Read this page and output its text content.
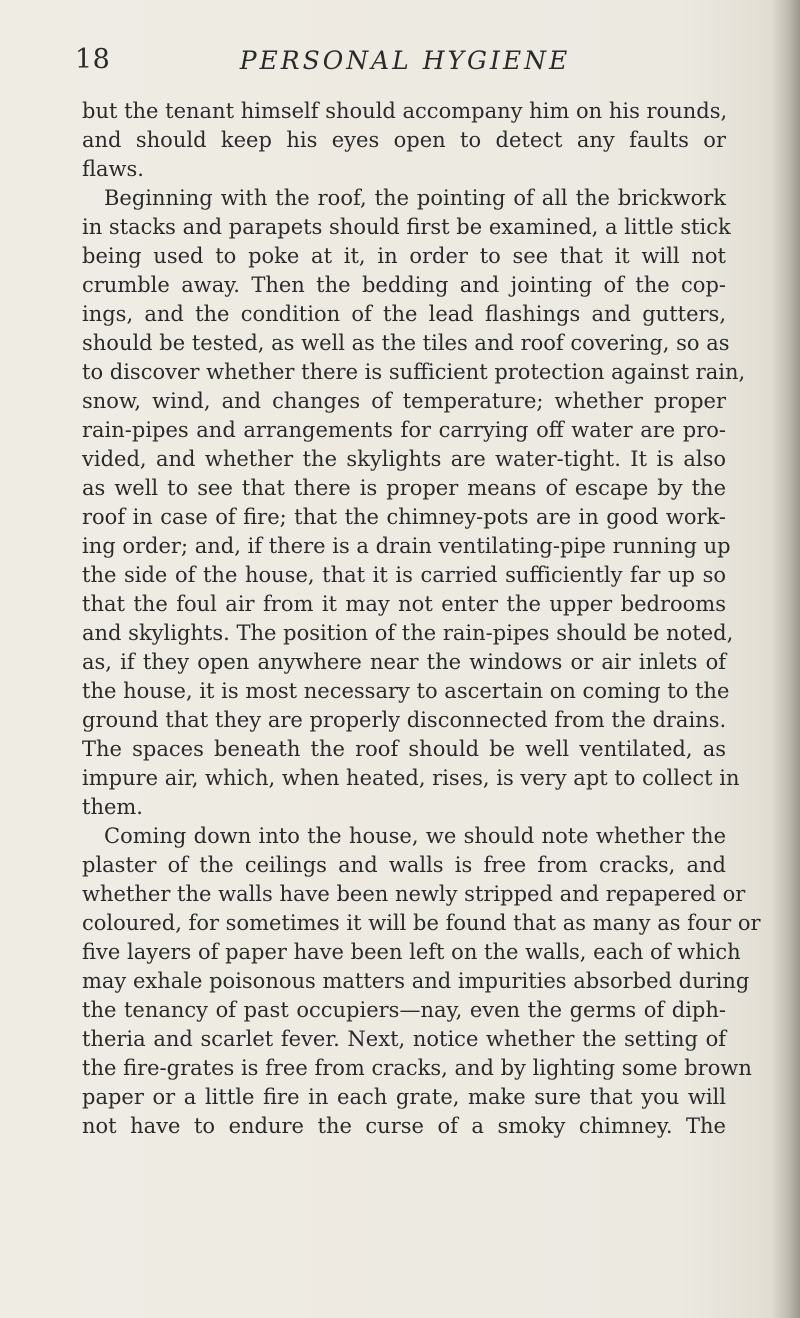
18	PERSONAL HYGIENE
but the tenant himself should accompany him on his rounds,
and should keep his eyes open to detect any faults or
flaws.
Beginning with the roof, the pointing of all the brickwork
in stacks and parapets should first be examined, a little stick
being used to poke at it, in order to see that it will not
crumble away. Then the bedding and jointing of the cop-
ings, and the condition of the lead flashings and gutters,
should be tested, as well as the tiles and roof covering, so as
to discover whether there is sufficient protection against rain,
snow, wind, and changes of temperature; whether proper
rain-pipes and arrangements for carrying off water are pro-
vided, and whether the skylights are water-tight. It is also
as well to see that there is proper means of escape by the
roof in case of fire; that the chimney-pots are in good work-
ing order; and, if there is a drain ventilating-pipe running up
the side of the house, that it is carried sufficiently far up so
that the foul air from it may not enter the upper bedrooms
and skylights. The position of the rain-pipes should be noted,
as, if they open anywhere near the windows or air inlets of
the house, it is most necessary to ascertain on coming to the
ground that they are properly disconnected from the drains.
The spaces beneath the roof should be well ventilated, as
impure air, which, when heated, rises, is very apt to collect in
them.
Coming down into the house, we should note whether the
plaster of the ceilings and walls is free from cracks, and
whether the walls have been newly stripped and repapered or
coloured, for sometimes it will be found that as many as four or
five layers of paper have been left on the walls, each of which
may exhale poisonous matters and impurities absorbed during
the tenancy of past occupiers—nay, even the germs of diph-
theria and scarlet fever. Next, notice whether the setting of
the fire-grates is free from cracks, and by lighting some brown
paper or a little fire in each grate, make sure that you will
not have to endure the curse of a smoky chimney. The
